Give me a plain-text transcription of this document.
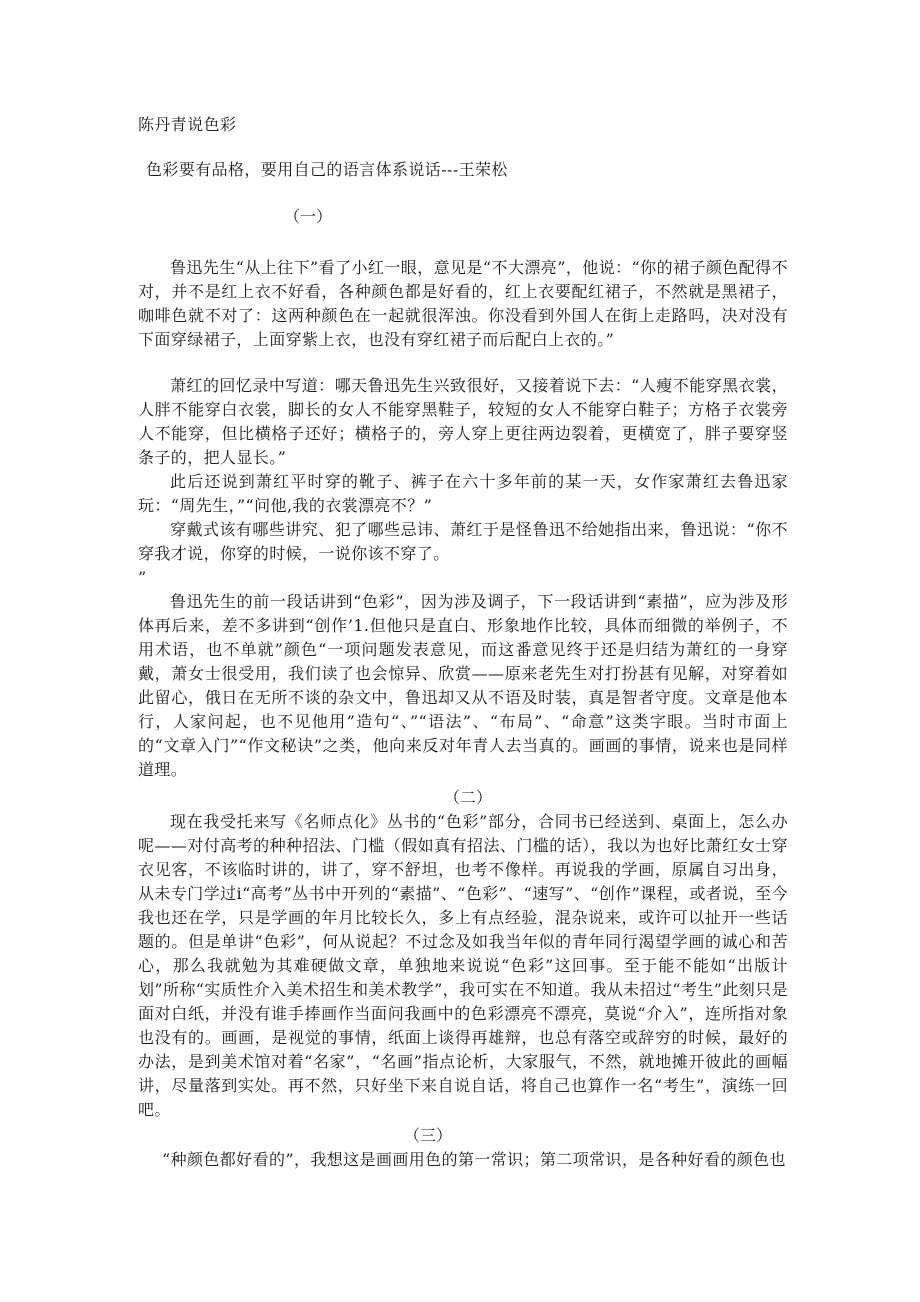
陈丹青说色彩
色彩要有品格，要用自己的语言体系说话---王荣松
（一）
鲁迅先生“从上往下”看了小红一眼，意见是“不大漂亮”，他说：“你的裙子颜色配得不对，并不是红上衣不好看，各种颜色都是好看的，红上衣要配红裙子，不然就是黑裙子，咖啡色就不对了：这两种颜色在一起就很浑浊。你没看到外国人在街上走路吗，决对没有下面穿绿裙子，上面穿紫上衣，也没有穿红裙子而后配白上衣的。”
萧红的回忆录中写道：哪天鲁迅先生兴致很好，又接着说下去：“人瘦不能穿黑衣裳，人胖不能穿白衣裳，脚长的女人不能穿黑鞋子，较短的女人不能穿白鞋子；方格子衣裳旁人不能穿，但比横格子还好；横格子的，旁人穿上更往两边裂着，更横宽了，胖子要穿竖条子的，把人显长。”
此后还说到萧红平时穿的靴子、裤子在六十多年前的某一天，女作家萧红去鲁迅家玩：“周先生，”“问他,我的衣裳漂亮不？”
穿戴式该有哪些讲究、犯了哪些忌讳、萧红于是怪鲁迅不给她指出来，鲁迅说：“你不穿我才说，你穿的时候，一说你该不穿了。
”
鲁迅先生的前一段话讲到“色彩”，因为涉及调子，下一段话讲到“素描”，应为涉及形体再后来，差不多讲到“创作’1.但他只是直白、形象地作比较，具体而细微的举例子，不用术语，也不单就”颜色“一项问题发表意见，而这番意见终于还是归结为萧红的一身穿戴，萧女士很受用，我们读了也会惊异、欣赏——原来老先生对打扮甚有见解，对穿着如此留心，俄日在无所不谈的杂文中，鲁迅却又从不语及时装，真是智者守度。文章是他本行，人家问起，也不见他用”造句“、”“语法”、“布局”、“命意”这类字眼。当时市面上的“文章入门”“作文秘诀”之类，他向来反对年青人去当真的。画画的事情，说来也是同样道理。
（二）
现在我受托来写《名师点化》丛书的“色彩”部分，合同书已经送到、桌面上，怎么办呢——对付高考的种种招法、门槛（假如真有招法、门槛的话），我以为也好比萧红女士穿衣见客，不该临时讲的，讲了，穿不舒坦，也考不像样。再说我的学画，原属自习出身，从未专门学过i“高考”丛书中开列的“素描”、“色彩”、“速写”、“创作”课程，或者说，至今我也还在学，只是学画的年月比较长久，多上有点经验，混杂说来，或许可以扯开一些话题的。但是单讲“色彩”，何从说起？不过念及如我当年似的青年同行渴望学画的诚心和苦心，那么我就勉为其难硬做文章，单独地来说说“色彩”这回事。至于能不能如“出版计划”所称“实质性介入美术招生和美术教学”，我可实在不知道。我从未招过“考生”此刻只是面对白纸，并没有谁手捧画作当面问我画中的色彩漂亮不漂亮，莫说“介入”，连所指对象也没有的。画画，是视觉的事情，纸面上谈得再雄辩，也总有落空或辞穷的时候，最好的办法，是到美术馆对着“名家”，“名画”指点论析，大家服气，不然，就地摊开彼此的画幅讲，尽量落到实处。再不然，只好坐下来自说自话，将自己也算作一名“考生”，演练一回吧。
（三）
“种颜色都好看的”，我想这是画画用色的第一常识；第二项常识，是各种好看的颜色也
